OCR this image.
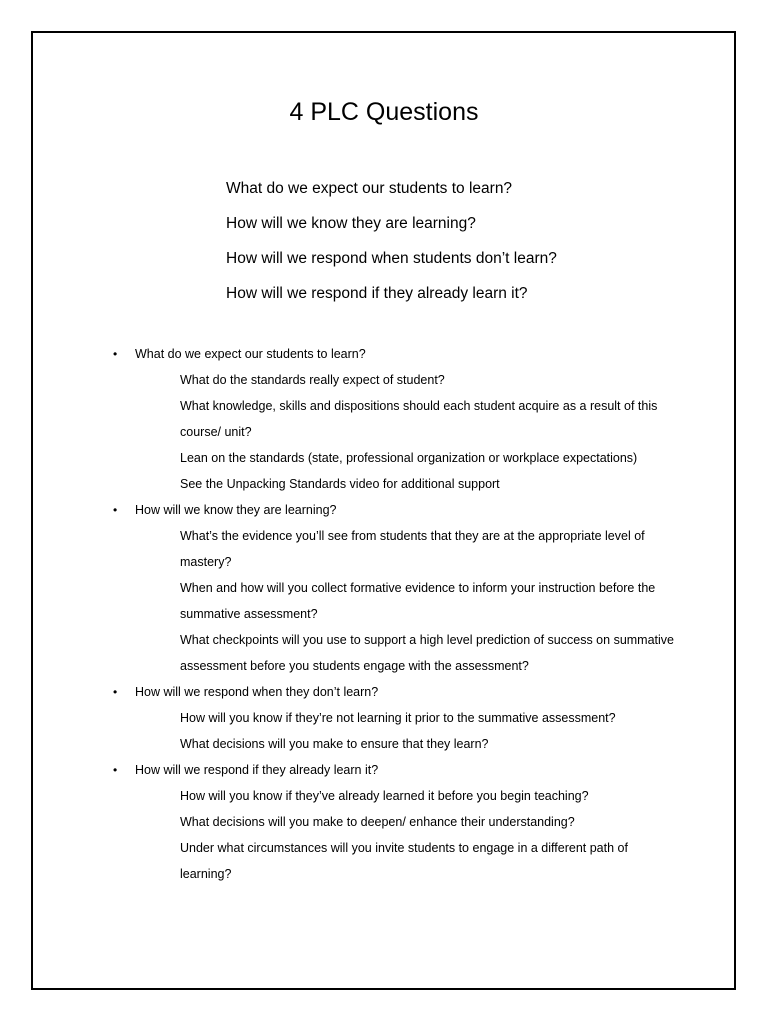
4 PLC Questions
What do we expect our students to learn?
How will we know they are learning?
How will we respond when students don’t learn?
How will we respond if they already learn it?
• What do we expect our students to learn?
What do the standards really expect of student?
What knowledge, skills and dispositions should each student acquire as a result of this course/ unit?
Lean on the standards (state, professional organization or workplace expectations)
See the Unpacking Standards video for additional support
• How will we know they are learning?
What’s the evidence you’ll see from students that they are at the appropriate level of mastery?
When and how will you collect formative evidence to inform your instruction before the summative assessment?
What checkpoints will you use to support a high level prediction of success on summative assessment before you students engage with the assessment?
• How will we respond when they don’t learn?
How will you know if they’re not learning it prior to the summative assessment?
What decisions will you make to ensure that they learn?
• How will we respond if they already learn it?
How will you know if they’ve already learned it before you begin teaching?
What decisions will you make to deepen/ enhance their understanding?
Under what circumstances will you invite students to engage in a different path of learning?
